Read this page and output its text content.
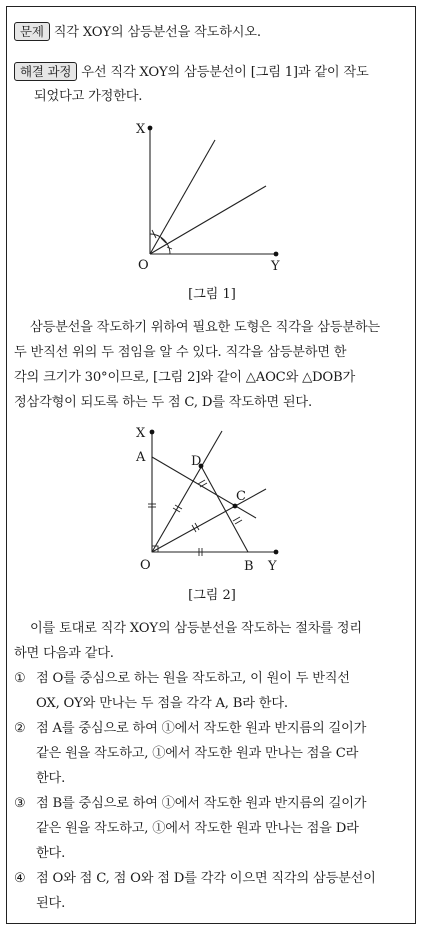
문제 직각 XOY의 삼등분선을 작도하시오.
해결 과정 우선 직각 XOY의 삼등분선이 [그림 1]과 같이 작도
되었다고 가정한다.
X
O	Y
[그림 1]
삼등분선을 작도하기 위하여 필요한 도형은 직각을 삼등분하는
두 반직선 위의 두 점임을 알 수 있다. 직각을 삼등분하면 한
각의 크기가 30°이므로, [그림 2]와 같이 △AOC와 △DOB가
정삼각형이 되도록 하는 두 점 C, D를 작도하면 된다.
X
A	D
C
O	B Y
[그림 2]
이를 토대로 직각 XOY의 삼등분선을 작도하는 절차를 정리
하면 다음과 같다.
① 점 O를 중심으로 하는 원을 작도하고, 이 원이 두 반직선
OX, OY와 만나는 두 점을 각각 A, B라 한다.
② 점 A를 중심으로 하여 ①에서 작도한 원과 반지름의 길이가
같은 원을 작도하고, ①에서 작도한 원과 만나는 점을 C라
한다.
③ 점 B를 중심으로 하여 ①에서 작도한 원과 반지름의 길이가
같은 원을 작도하고, ①에서 작도한 원과 만나는 점을 D라
한다.
④ 점 O와 점 C, 점 O와 점 D를 각각 이으면 직각의 삼등분선이
된다.
